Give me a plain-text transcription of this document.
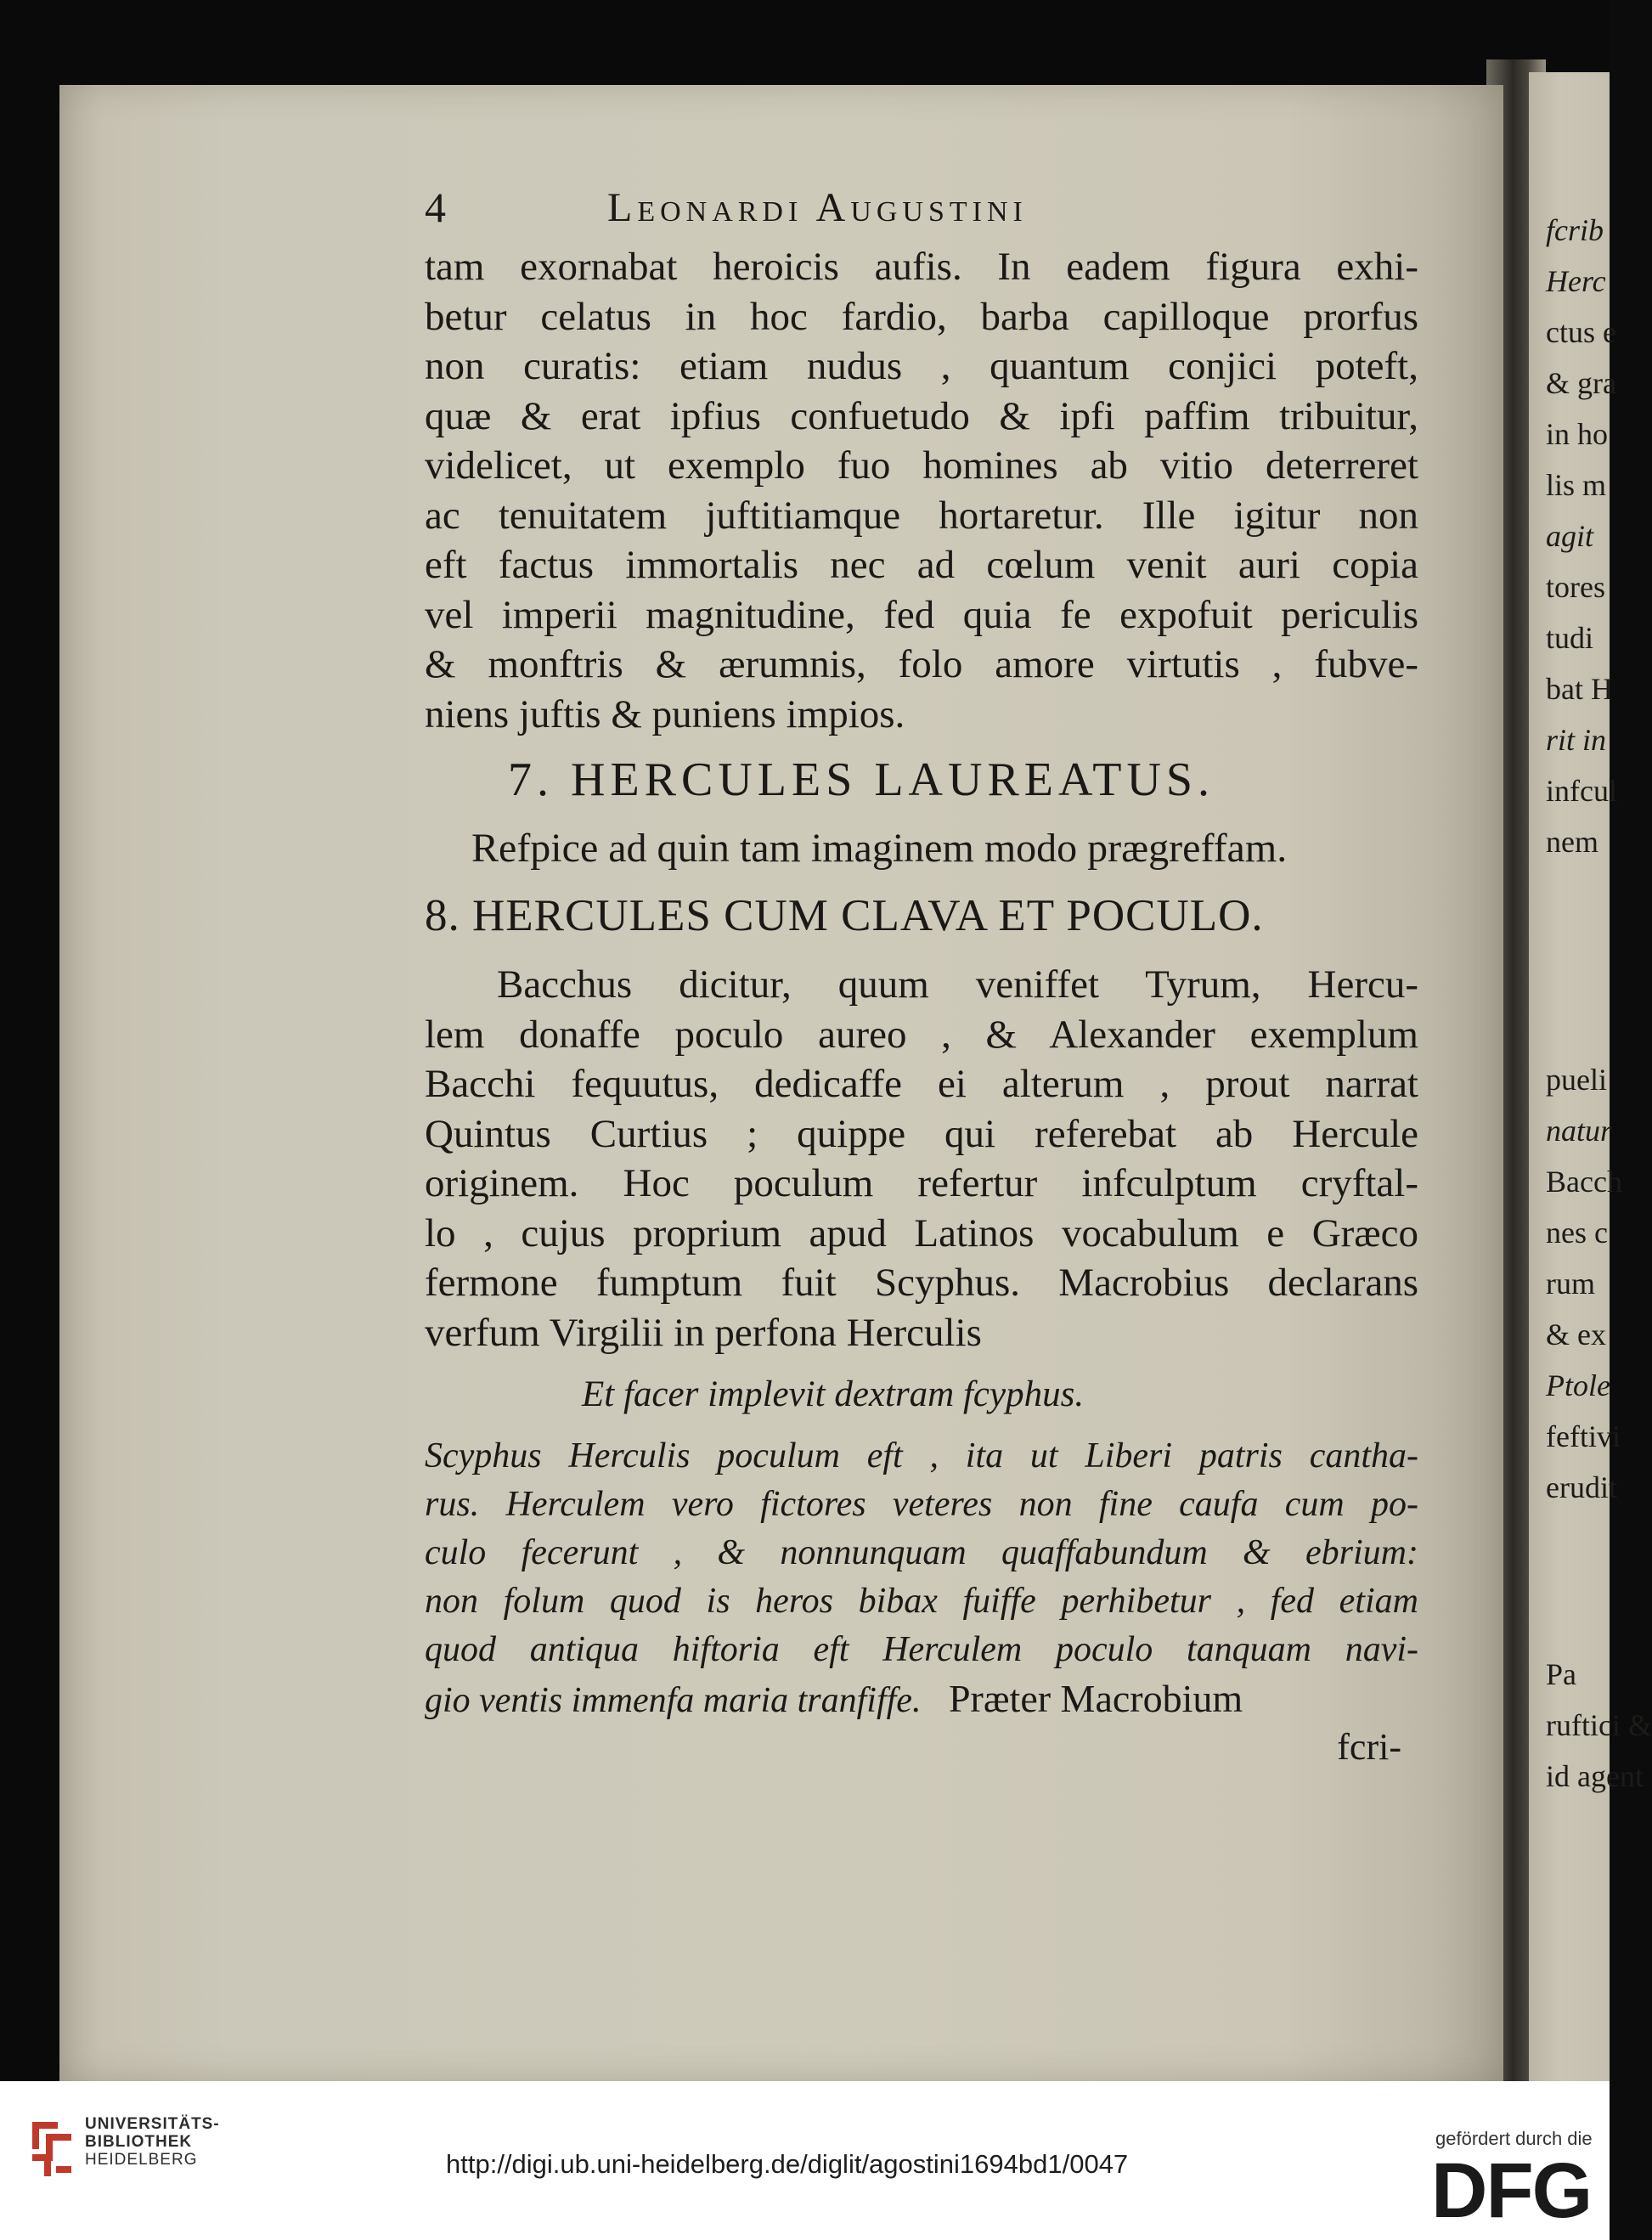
fcrib
Herc
ctus e
& gra
in ho
lis m
agit
tores
tudi
bat H
rit in
infcul
nem
pueli
natur
Bacch
nes c
rum
& ex
Ptole
feftivi
erudit
Pa
ruftici &
id agent
4	Leonardi Augustini
tam exornabat heroicis aufis. In eadem figura exhi-
betur celatus in hoc fardio, barba capilloque prorfus
non curatis: etiam nudus , quantum conjici poteft,
quæ & erat ipfius confuetudo & ipfi paffim tribuitur,
videlicet, ut exemplo fuo homines ab vitio deterreret
ac tenuitatem juftitiamque hortaretur. Ille igitur non
eft factus immortalis nec ad cœlum venit auri copia
vel imperii magnitudine, fed quia fe expofuit periculis
& monftris & ærumnis, folo amore virtutis , fubve-
niens juftis & puniens impios.
7. HERCULES LAUREATUS.
Refpice ad quin tam imaginem modo prægreffam.
8. HERCULES CUM CLAVA ET POCULO.
Bacchus dicitur, quum veniffet Tyrum, Hercu-
lem donaffe poculo aureo , & Alexander exemplum
Bacchi fequutus, dedicaffe ei alterum , prout narrat
Quintus Curtius ; quippe qui referebat ab Hercule
originem. Hoc poculum refertur infculptum cryftal-
lo , cujus proprium apud Latinos vocabulum e Græco
fermone fumptum fuit Scyphus. Macrobius declarans
verfum Virgilii in perfona Herculis
Et facer implevit dextram fcyphus.
Scyphus Herculis poculum eft , ita ut Liberi patris cantha-
rus. Herculem vero fictores veteres non fine caufa cum po-
culo fecerunt , & nonnunquam quaffabundum & ebrium:
non folum quod is heros bibax fuiffe perhibetur , fed etiam
quod antiqua hiftoria eft Herculem poculo tanquam navi-
gio ventis immenfa maria tranfiffe. Præter Macrobium
fcri-
UNIVERSITÄTS-
BIBLIOTHEK
HEIDELBERG	http://digi.ub.uni-heidelberg.de/diglit/agostini1694bd1/0047
gefördert durch die
DFG
